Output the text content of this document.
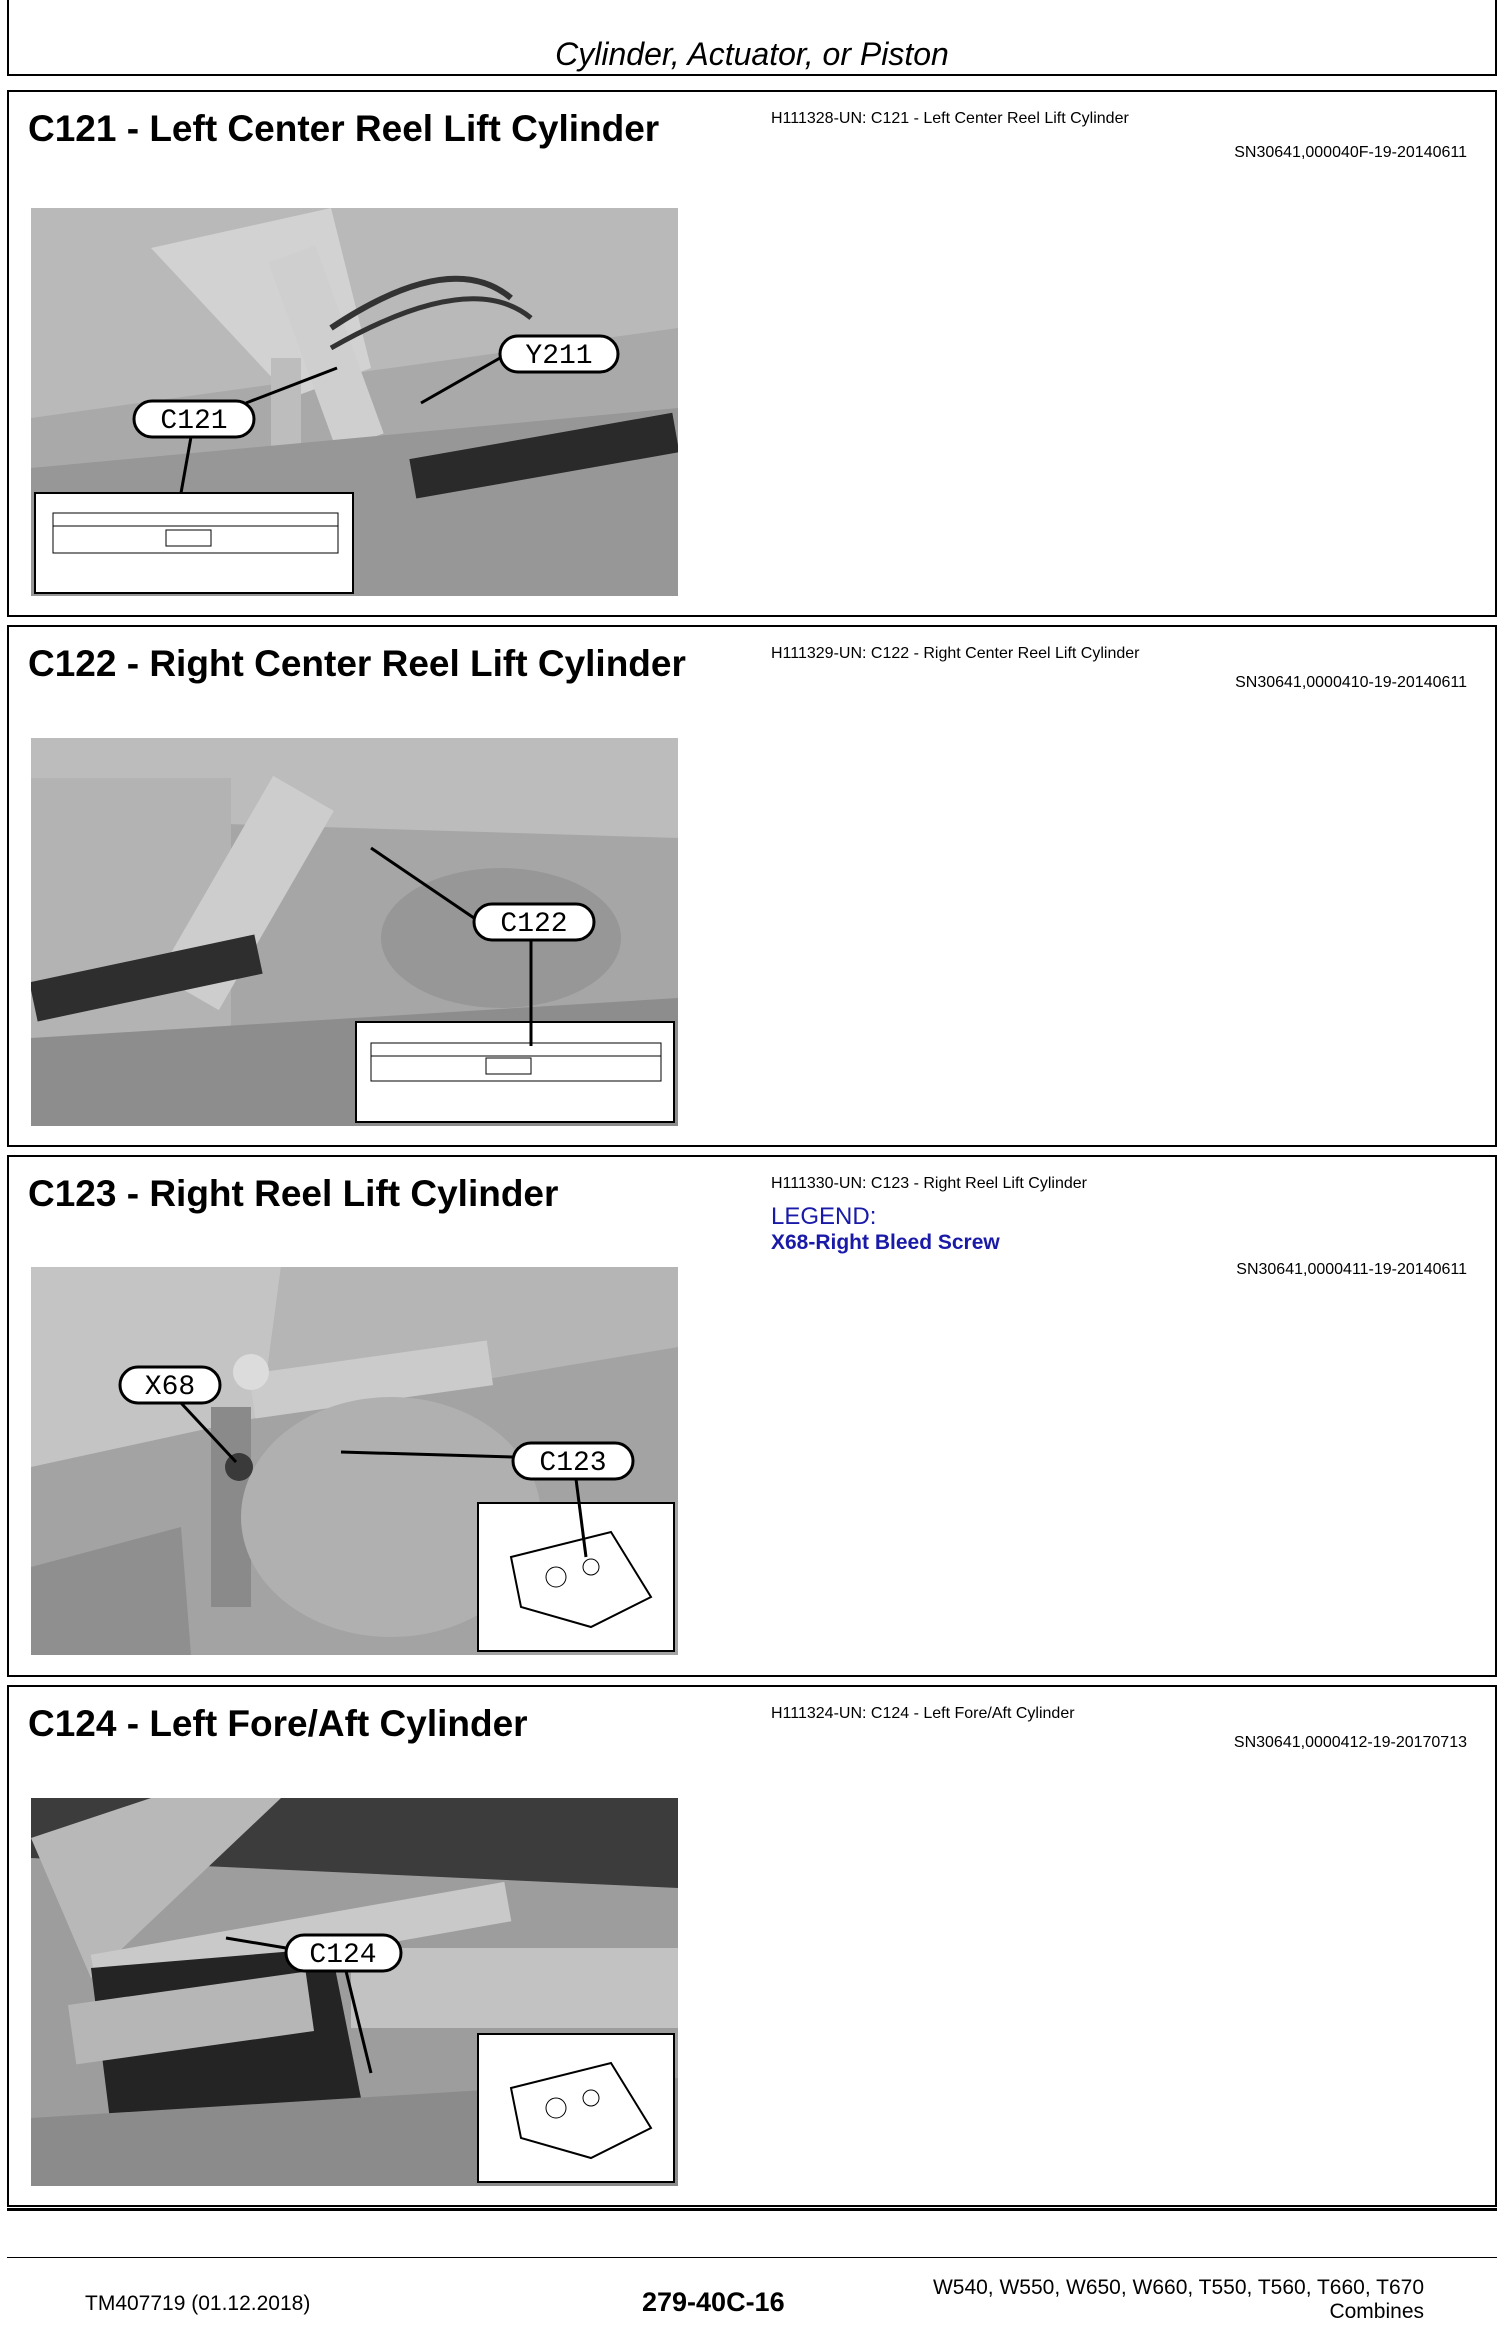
Cylinder, Actuator, or Piston
C121 - Left Center Reel Lift Cylinder	H111328-UN: C121 - Left Center Reel Lift Cylinder
SN30641,000040F-19-20140611
C121
Y211
C122 - Right Center Reel Lift Cylinder	H111329-UN: C122 - Right Center Reel Lift Cylinder
SN30641,0000410-19-20140611
C122
C123 - Right Reel Lift Cylinder	H111330-UN: C123 - Right Reel Lift Cylinder
LEGEND:
X68-Right Bleed Screw
SN30641,0000411-19-20140611
X68
C123
C124 - Left Fore/Aft Cylinder	H111324-UN: C124 - Left Fore/Aft Cylinder
SN30641,0000412-19-20170713
C124
TM407719 (01.12.2018)	279-40C-16	W540, W550, W650, W660, T550, T560, T660, T670
Combines
